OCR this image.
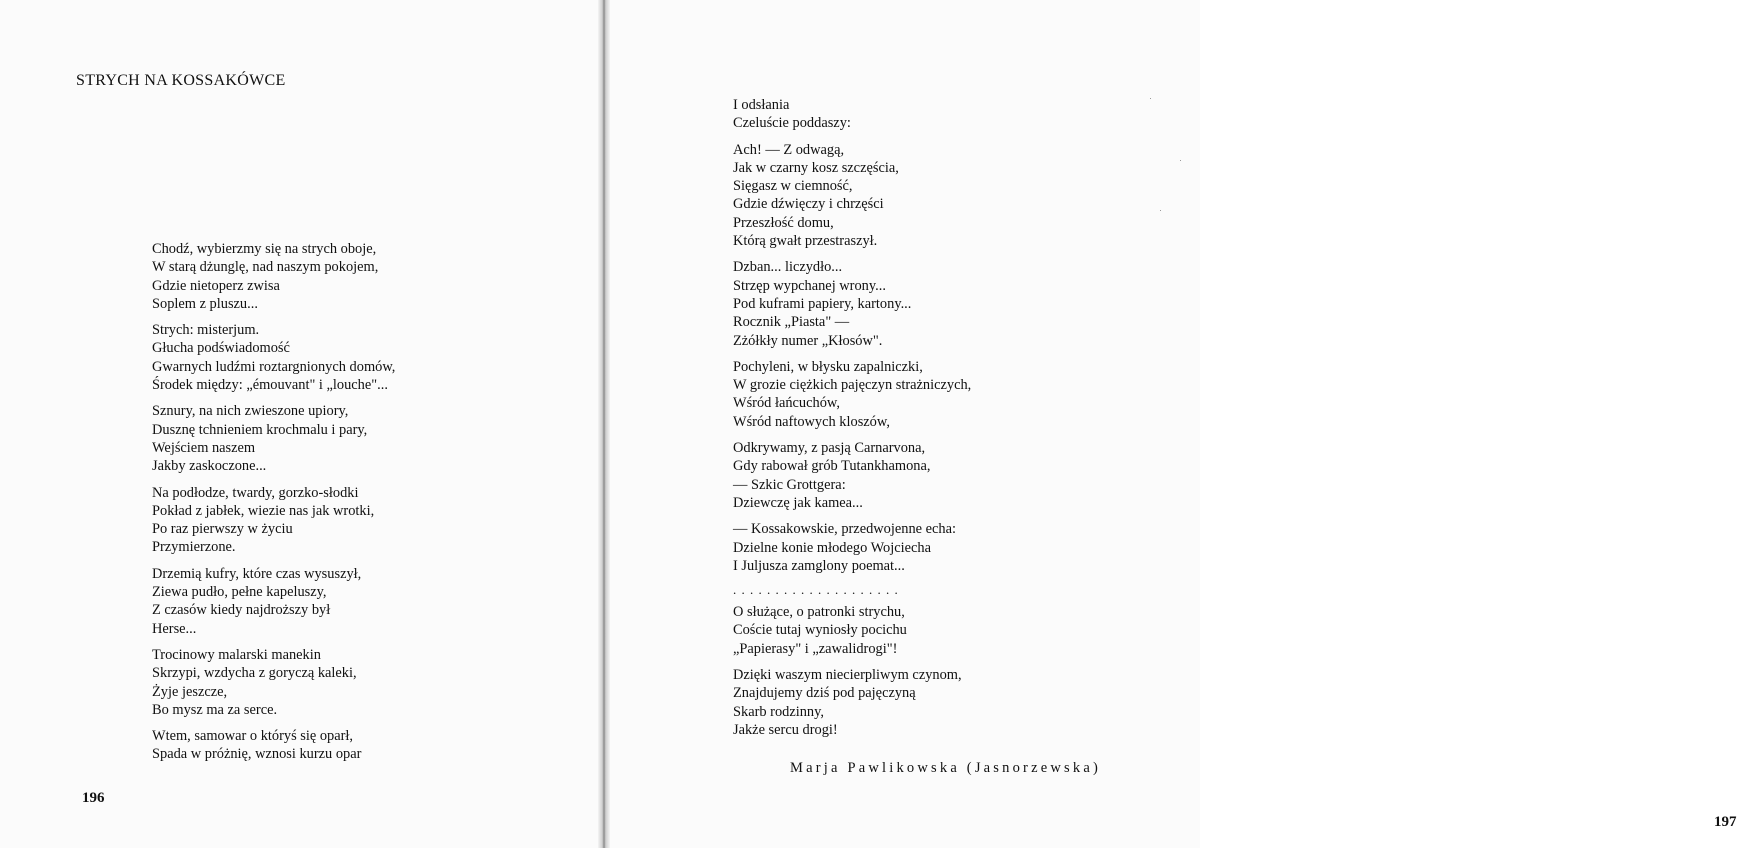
STRYCH NA KOSSAKÓWCE
Chodź, wybierzmy się na strych oboje,
W starą dżunglę, nad naszym pokojem,
Gdzie nietoperz zwisa
Soplem z pluszu...
Strych: misterjum.
Głucha podświadomość
Gwarnych ludźmi roztargnionych domów,
Środek między: „émouvant" i „louche"...
Sznury, na nich zwieszone upiory,
Dusznę tchnieniem krochmalu i pary,
Wejściem naszem
Jakby zaskoczone...
Na podłodze, twardy, gorzko-słodki
Pokład z jabłek, wiezie nas jak wrotki,
Po raz pierwszy w życiu
Przymierzone.
Drzemią kufry, które czas wysuszył,
Ziewa pudło, pełne kapeluszy,
Z czasów kiedy najdroższy był
Herse...
Trocinowy malarski manekin
Skrzypi, wzdycha z goryczą kaleki,
Żyje jeszcze,
Bo mysz ma za serce.
Wtem, samowar o któryś się oparł,
Spada w próżnię, wznosi kurzu opar
196
197
I odsłania
Czeluście poddaszy:
Ach! — Z odwagą,
Jak w czarny kosz szczęścia,
Sięgasz w ciemność,
Gdzie dźwięczy i chrzęści
Przeszłość domu,
Którą gwałt przestraszył.
Dzban... liczydło...
Strzęp wypchanej wrony...
Pod kuframi papiery, kartony...
Rocznik „Piasta" —
Zżółkły numer „Kłosów".
Pochyleni, w błysku zapalniczki,
W grozie ciężkich pajęczyn strażniczych,
Wśród łańcuchów,
Wśród naftowych kloszów,
Odkrywamy, z pasją Carnarvona,
Gdy rabował grób Tutankhamona,
— Szkic Grottgera:
Dziewczę jak kamea...
— Kossakowskie, przedwojenne echa:
Dzielne konie młodego Wojciecha
I Juljusza zamglony poemat...
. . . . . . . . . . . . . . . . . . . .
O służące, o patronki strychu,
Coście tutaj wyniosły pocichu
„Papierasy" i „zawalidrogi"!
Dzięki waszym niecierpliwym czynom,
Znajdujemy dziś pod pajęczyną
Skarb rodzinny,
Jakże sercu drogi!
Marja Pawlikowska (Jasnorzewska)
